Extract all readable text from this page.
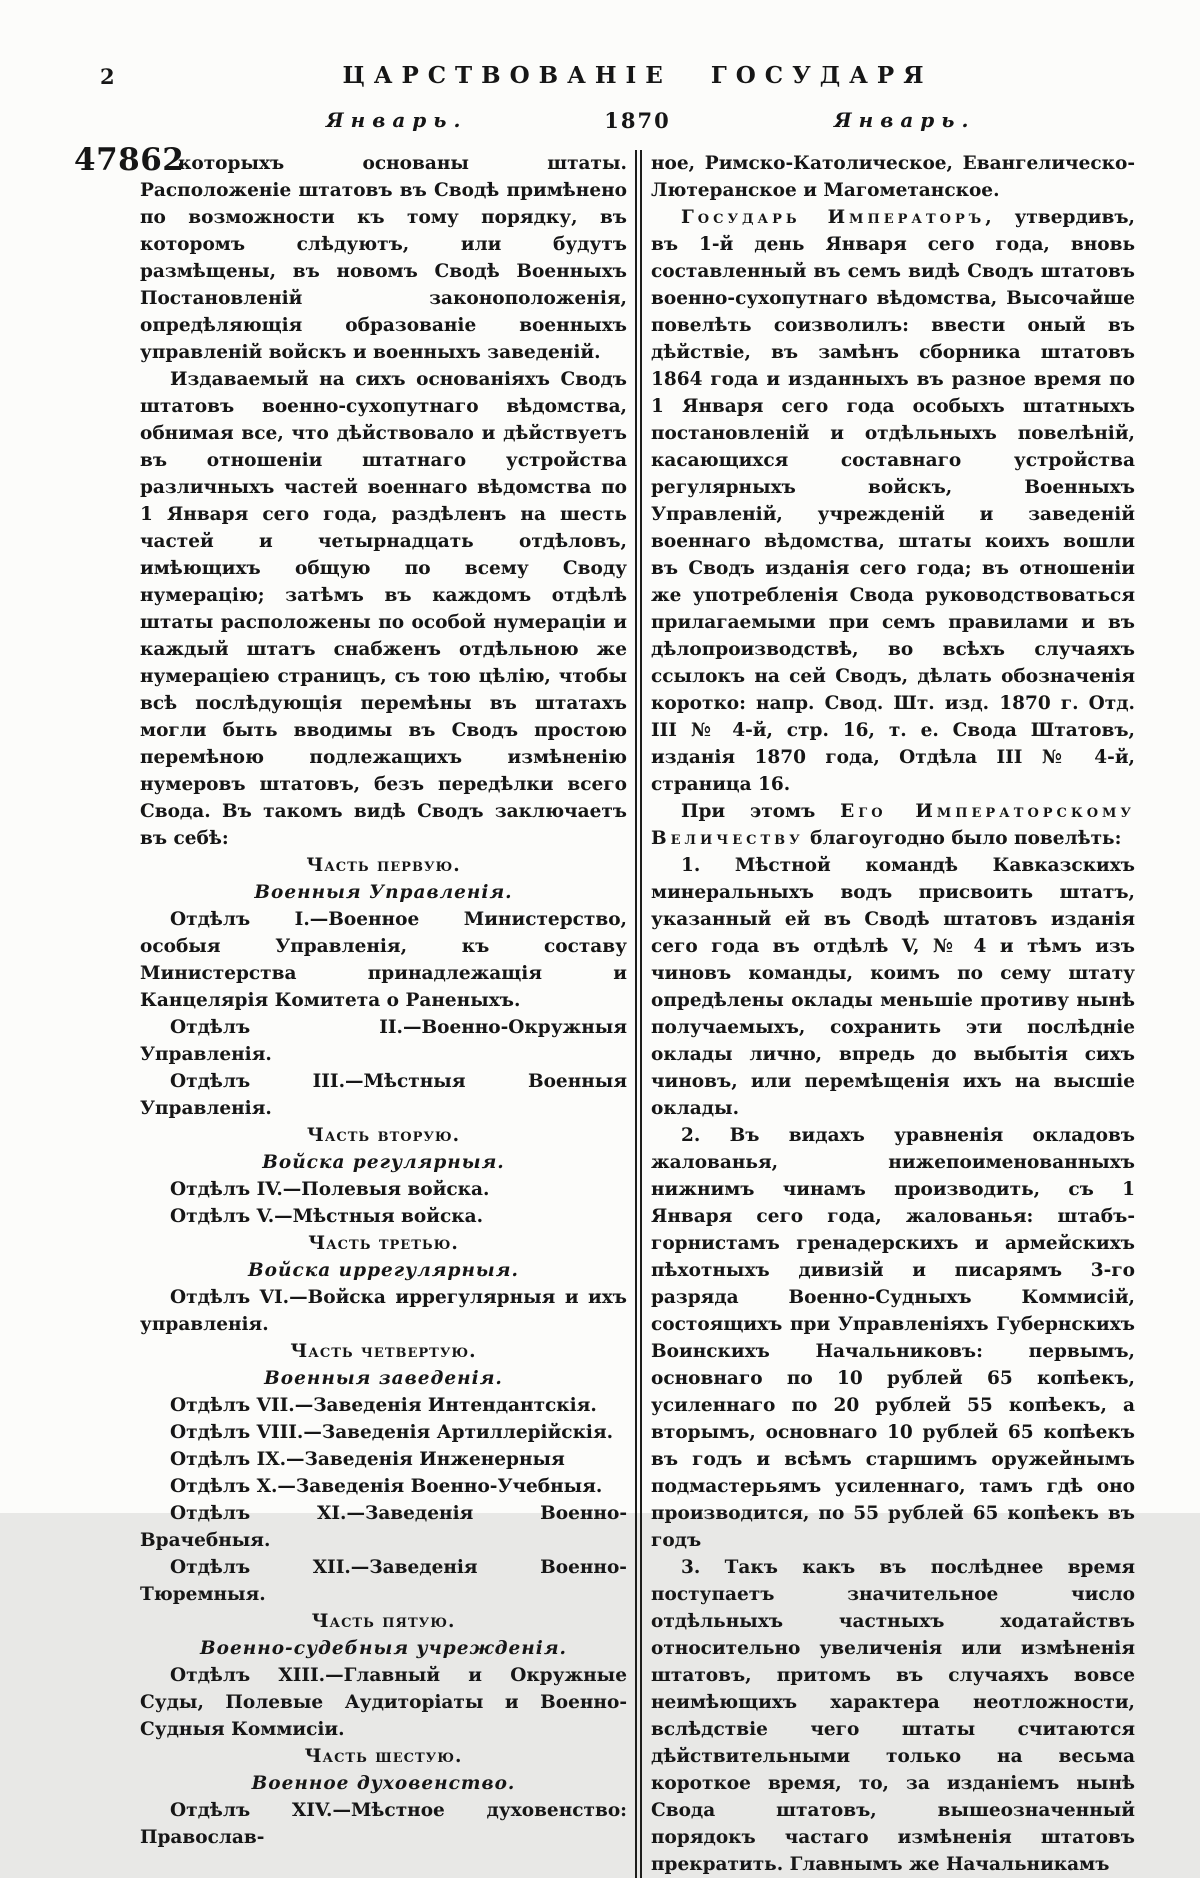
2	ЦАРСТВОВАНІЕ ГОСУДАРЯ
Январь.	1870	Январь.
47862
которыхъ основаны штаты. Расположеніе штатовъ въ Сводѣ примѣнено по возможности къ тому порядку, въ которомъ слѣдуютъ, или будутъ размѣщены, въ новомъ Сводѣ Военныхъ Постановленій законоположенія, опредѣляющія образованіе военныхъ управленій войскъ и военныхъ заведеній.
Издаваемый на сихъ основаніяхъ Сводъ штатовъ военно-сухопутнаго вѣдомства, обнимая все, что дѣйствовало и дѣйствуетъ въ отношеніи штатнаго устройства различныхъ частей военнаго вѣдомства по 1 Января сего года, раздѣленъ на шесть частей и четырнадцать отдѣловъ, имѣющихъ общую по всему Своду нумерацію; затѣмъ въ каждомъ отдѣлѣ штаты расположены по особой нумераціи и каждый штатъ снабженъ отдѣльною же нумераціею страницъ, съ тою цѣлію, чтобы всѣ послѣдующія перемѣны въ штатахъ могли быть вводимы въ Сводъ простою перемѣною подлежащихъ измѣненію нумеровъ штатовъ, безъ передѣлки всего Свода. Въ такомъ видѣ Сводъ заключаетъ въ себѣ:
Часть первую.
Военныя Управленія.
Отдѣлъ I.—Военное Министерство, особыя Управленія, къ составу Министерства принадлежащія и Канцелярія Комитета о Раненыхъ.
Отдѣлъ II.—Военно-Окружныя Управленія.
Отдѣлъ III.—Мѣстныя Военныя Управленія.
Часть вторую.
Войска регулярныя.
Отдѣлъ IV.—Полевыя войска.
Отдѣлъ V.—Мѣстныя войска.
Часть третью.
Войска иррегулярныя.
Отдѣлъ VI.—Войска иррегулярныя и ихъ управленія.
Часть четвертую.
Военныя заведенія.
Отдѣлъ VII.—Заведенія Интендантскія.
Отдѣлъ VIII.—Заведенія Артиллерійскія.
Отдѣлъ IX.—Заведенія Инженерныя
Отдѣлъ X.—Заведенія Военно-Учебныя.
Отдѣлъ XI.—Заведенія Военно-Врачебныя.
Отдѣлъ XII.—Заведенія Военно-Тюремныя.
Часть пятую.
Военно-судебныя учрежденія.
Отдѣлъ XIII.—Главный и Окружные Суды, Полевые Аудиторіаты и Военно-Судныя Коммисіи.
Часть шестую.
Военное духовенство.
Отдѣлъ XIV.—Мѣстное духовенство: Православ-
ное, Римско-Католическое, Евангелическо-Лютеранское и Магометанское.
Государь Императоръ, утвердивъ, въ 1-й день Января сего года, вновь составленный въ семъ видѣ Сводъ штатовъ военно-сухопутнаго вѣдомства, Высочайше повелѣть соизволилъ: ввести оный въ дѣйствіе, въ замѣнъ сборника штатовъ 1864 года и изданныхъ въ разное время по 1 Января сего года особыхъ штатныхъ постановленій и отдѣльныхъ повелѣній, касающихся составнаго устройства регулярныхъ войскъ, Военныхъ Управленій, учрежденій и заведеній военнаго вѣдомства, штаты коихъ вошли въ Сводъ изданія сего года; въ отношеніи же употребленія Свода руководствоваться прилагаемыми при семъ правилами и въ дѣлопроизводствѣ, во всѣхъ случаяхъ ссылокъ на сей Сводъ, дѣлать обозначенія коротко: напр. Свод. Шт. изд. 1870 г. Отд. III № 4-й, стр. 16, т. е. Свода Штатовъ, изданія 1870 года, Отдѣла III № 4-й, страница 16.
При этомъ Его Императорскому Величеству благоугодно было повелѣть:
1. Мѣстной командѣ Кавказскихъ минеральныхъ водъ присвоить штатъ, указанный ей въ Сводѣ штатовъ изданія сего года въ отдѣлѣ V, № 4 и тѣмъ изъ чиновъ команды, коимъ по сему штату опредѣлены оклады меньшіе противу нынѣ получаемыхъ, сохранить эти послѣдніе оклады лично, впредь до выбытія сихъ чиновъ, или перемѣщенія ихъ на высшіе оклады.
2. Въ видахъ уравненія окладовъ жалованья, нижепоименованныхъ нижнимъ чинамъ производить, съ 1 Января сего года, жалованья: штабъ-горнистамъ гренадерскихъ и армейскихъ пѣхотныхъ дивизій и писарямъ 3-го разряда Военно-Судныхъ Коммисій, состоящихъ при Управленіяхъ Губернскихъ Воинскихъ Начальниковъ: первымъ, основнаго по 10 рублей 65 копѣекъ, усиленнаго по 20 рублей 55 копѣекъ, а вторымъ, основнаго 10 рублей 65 копѣекъ въ годъ и всѣмъ старшимъ оружейнымъ подмастерьямъ усиленнаго, тамъ гдѣ оно производится, по 55 рублей 65 копѣекъ въ годъ
3. Такъ какъ въ послѣднее время поступаетъ значительное число отдѣльныхъ частныхъ ходатайствъ относительно увеличенія или измѣненія штатовъ, притомъ въ случаяхъ вовсе неимѣющихъ характера неотложности, вслѣдствіе чего штаты считаются дѣйствительными только на весьма короткое время, то, за изданіемъ нынѣ Свода штатовъ, вышеозначенный порядокъ частаго измѣненія штатовъ прекратить. Главнымъ же Начальникамъ
